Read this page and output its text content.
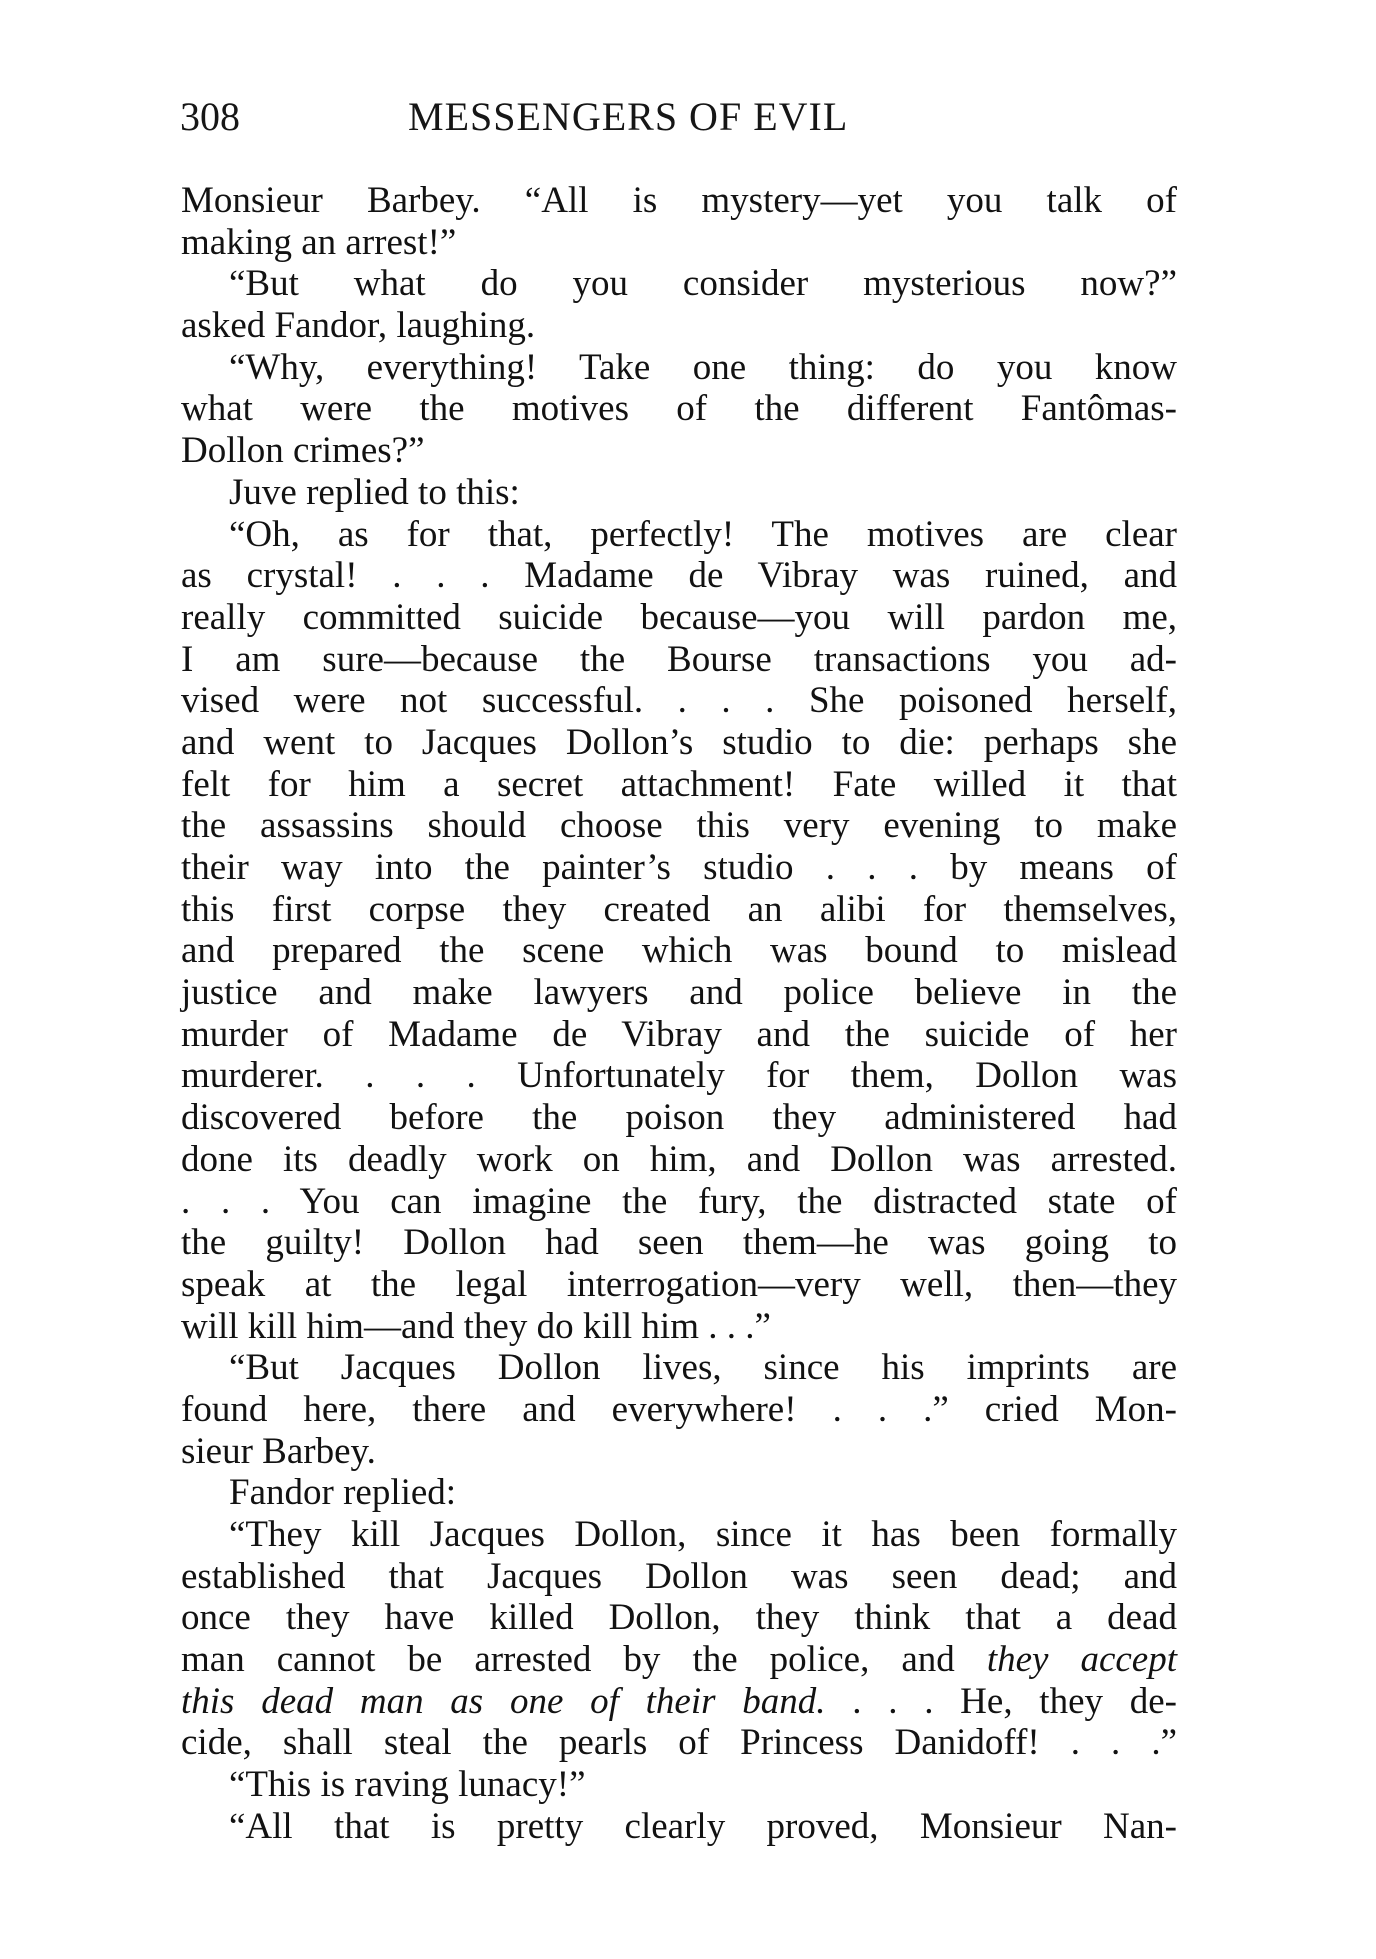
308	MESSENGERS OF EVIL
Monsieur Barbey. “All is mystery—yet you talk of
making an arrest!”
“But what do you consider mysterious now?”
asked Fandor, laughing.
“Why, everything! Take one thing: do you know
what were the motives of the different Fantômas-
Dollon crimes?”
Juve replied to this:
“Oh, as for that, perfectly! The motives are clear
as crystal! . . . Madame de Vibray was ruined, and
really committed suicide because—you will pardon me,
I am sure—because the Bourse transactions you ad-
vised were not successful. . . . She poisoned herself,
and went to Jacques Dollon’s studio to die: perhaps she
felt for him a secret attachment! Fate willed it that
the assassins should choose this very evening to make
their way into the painter’s studio . . . by means of
this first corpse they created an alibi for themselves,
and prepared the scene which was bound to mislead
justice and make lawyers and police believe in the
murder of Madame de Vibray and the suicide of her
murderer. . . . Unfortunately for them, Dollon was
discovered before the poison they administered had
done its deadly work on him, and Dollon was arrested.
. . . You can imagine the fury, the distracted state of
the guilty! Dollon had seen them—he was going to
speak at the legal interrogation—very well, then—they
will kill him—and they do kill him . . .”
“But Jacques Dollon lives, since his imprints are
found here, there and everywhere! . . .” cried Mon-
sieur Barbey.
Fandor replied:
“They kill Jacques Dollon, since it has been formally
established that Jacques Dollon was seen dead; and
once they have killed Dollon, they think that a dead
man cannot be arrested by the police, and they accept
this dead man as one of their band. . . . He, they de-
cide, shall steal the pearls of Princess Danidoff! . . .”
“This is raving lunacy!”
“All that is pretty clearly proved, Monsieur Nan-
